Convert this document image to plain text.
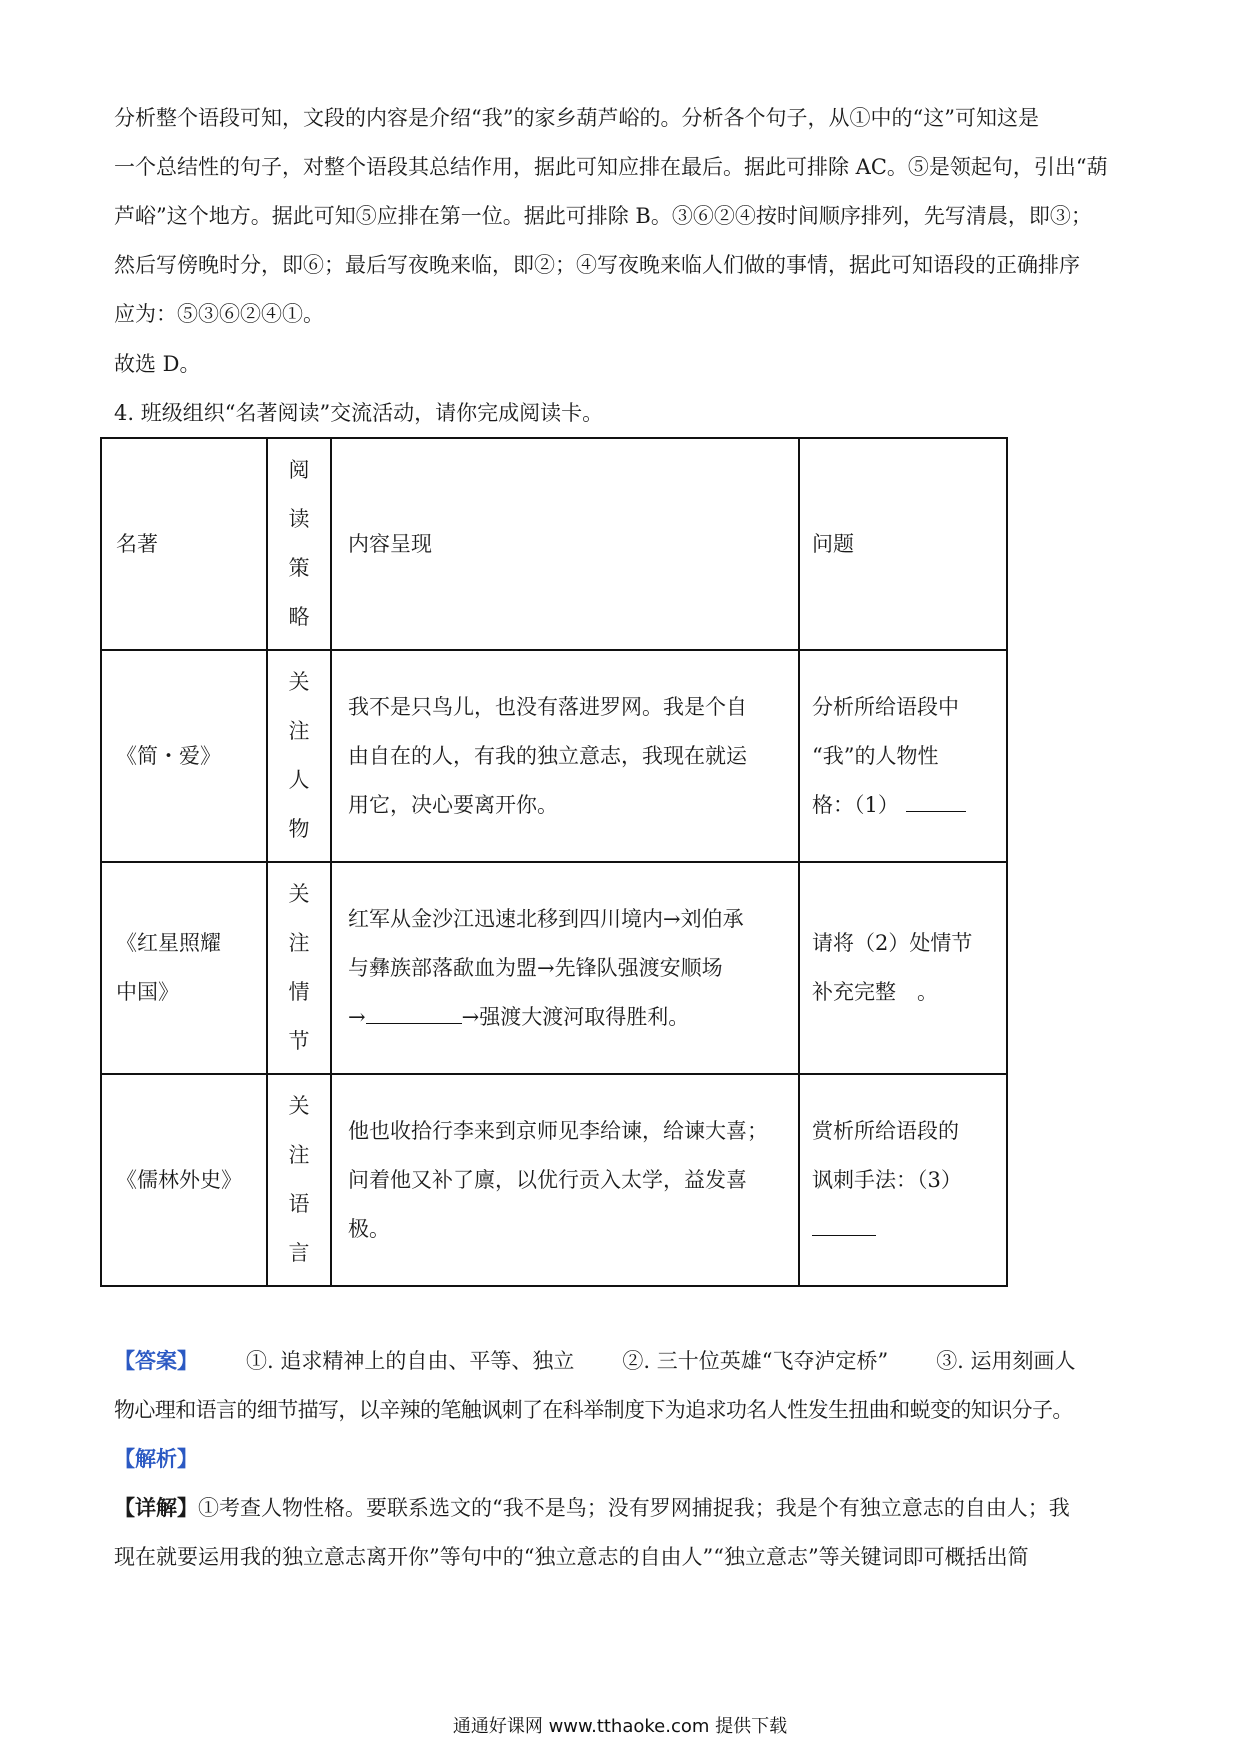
分析整个语段可知，文段的内容是介绍“我”的家乡葫芦峪的。分析各个句子，从①中的“这”可知这是
一个总结性的句子，对整个语段其总结作用，据此可知应排在最后。据此可排除 AC。⑤是领起句，引出“葫
芦峪”这个地方。据此可知⑤应排在第一位。据此可排除 B。③⑥②④按时间顺序排列，先写清晨，即③；
然后写傍晚时分，即⑥；最后写夜晚来临，即②；④写夜晚来临人们做的事情，据此可知语段的正确排序
应为：⑤③⑥②④①。
故选 D。
4. 班级组织“名著阅读”交流活动，请你完成阅读卡。
名著	阅读策略	内容呈现	问题
《简・爱》	关注人物	我不是只鸟儿，也没有落进罗网。我是个自
由自在的人，有我的独立意志，我现在就运
用它，决心要离开你。	分析所给语段中
“我”的人物性
格：（1）

《红星照耀
中国》	关注情节	红军从金沙江迅速北移到四川境内→刘伯承
与彝族部落歃血为盟→先锋队强渡安顺场
→ →强渡大渡河取得胜利。	请将（2）处情节
补充完整　。

《儒林外史》	关注语言	他也收拾行李来到京师见李给谏，给谏大喜；
问着他又补了廪，以优行贡入太学，益发喜
极。	赏析所给语段的
讽刺手法：（3）
【答案】 ①. 追求精神上的自由、平等、独立 ②. 三十位英雄“飞夺泸定桥” ③. 运用刻画人
物心理和语言的细节描写，以辛辣的笔触讽刺了在科举制度下为追求功名人性发生扭曲和蜕变的知识分子。
【解析】
【详解】①考查人物性格。要联系选文的“我不是鸟；没有罗网捕捉我；我是个有独立意志的自由人；我
现在就要运用我的独立意志离开你”等句中的“独立意志的自由人”“独立意志”等关键词即可概括出简
通通好课网 www.tthaoke.com 提供下载
